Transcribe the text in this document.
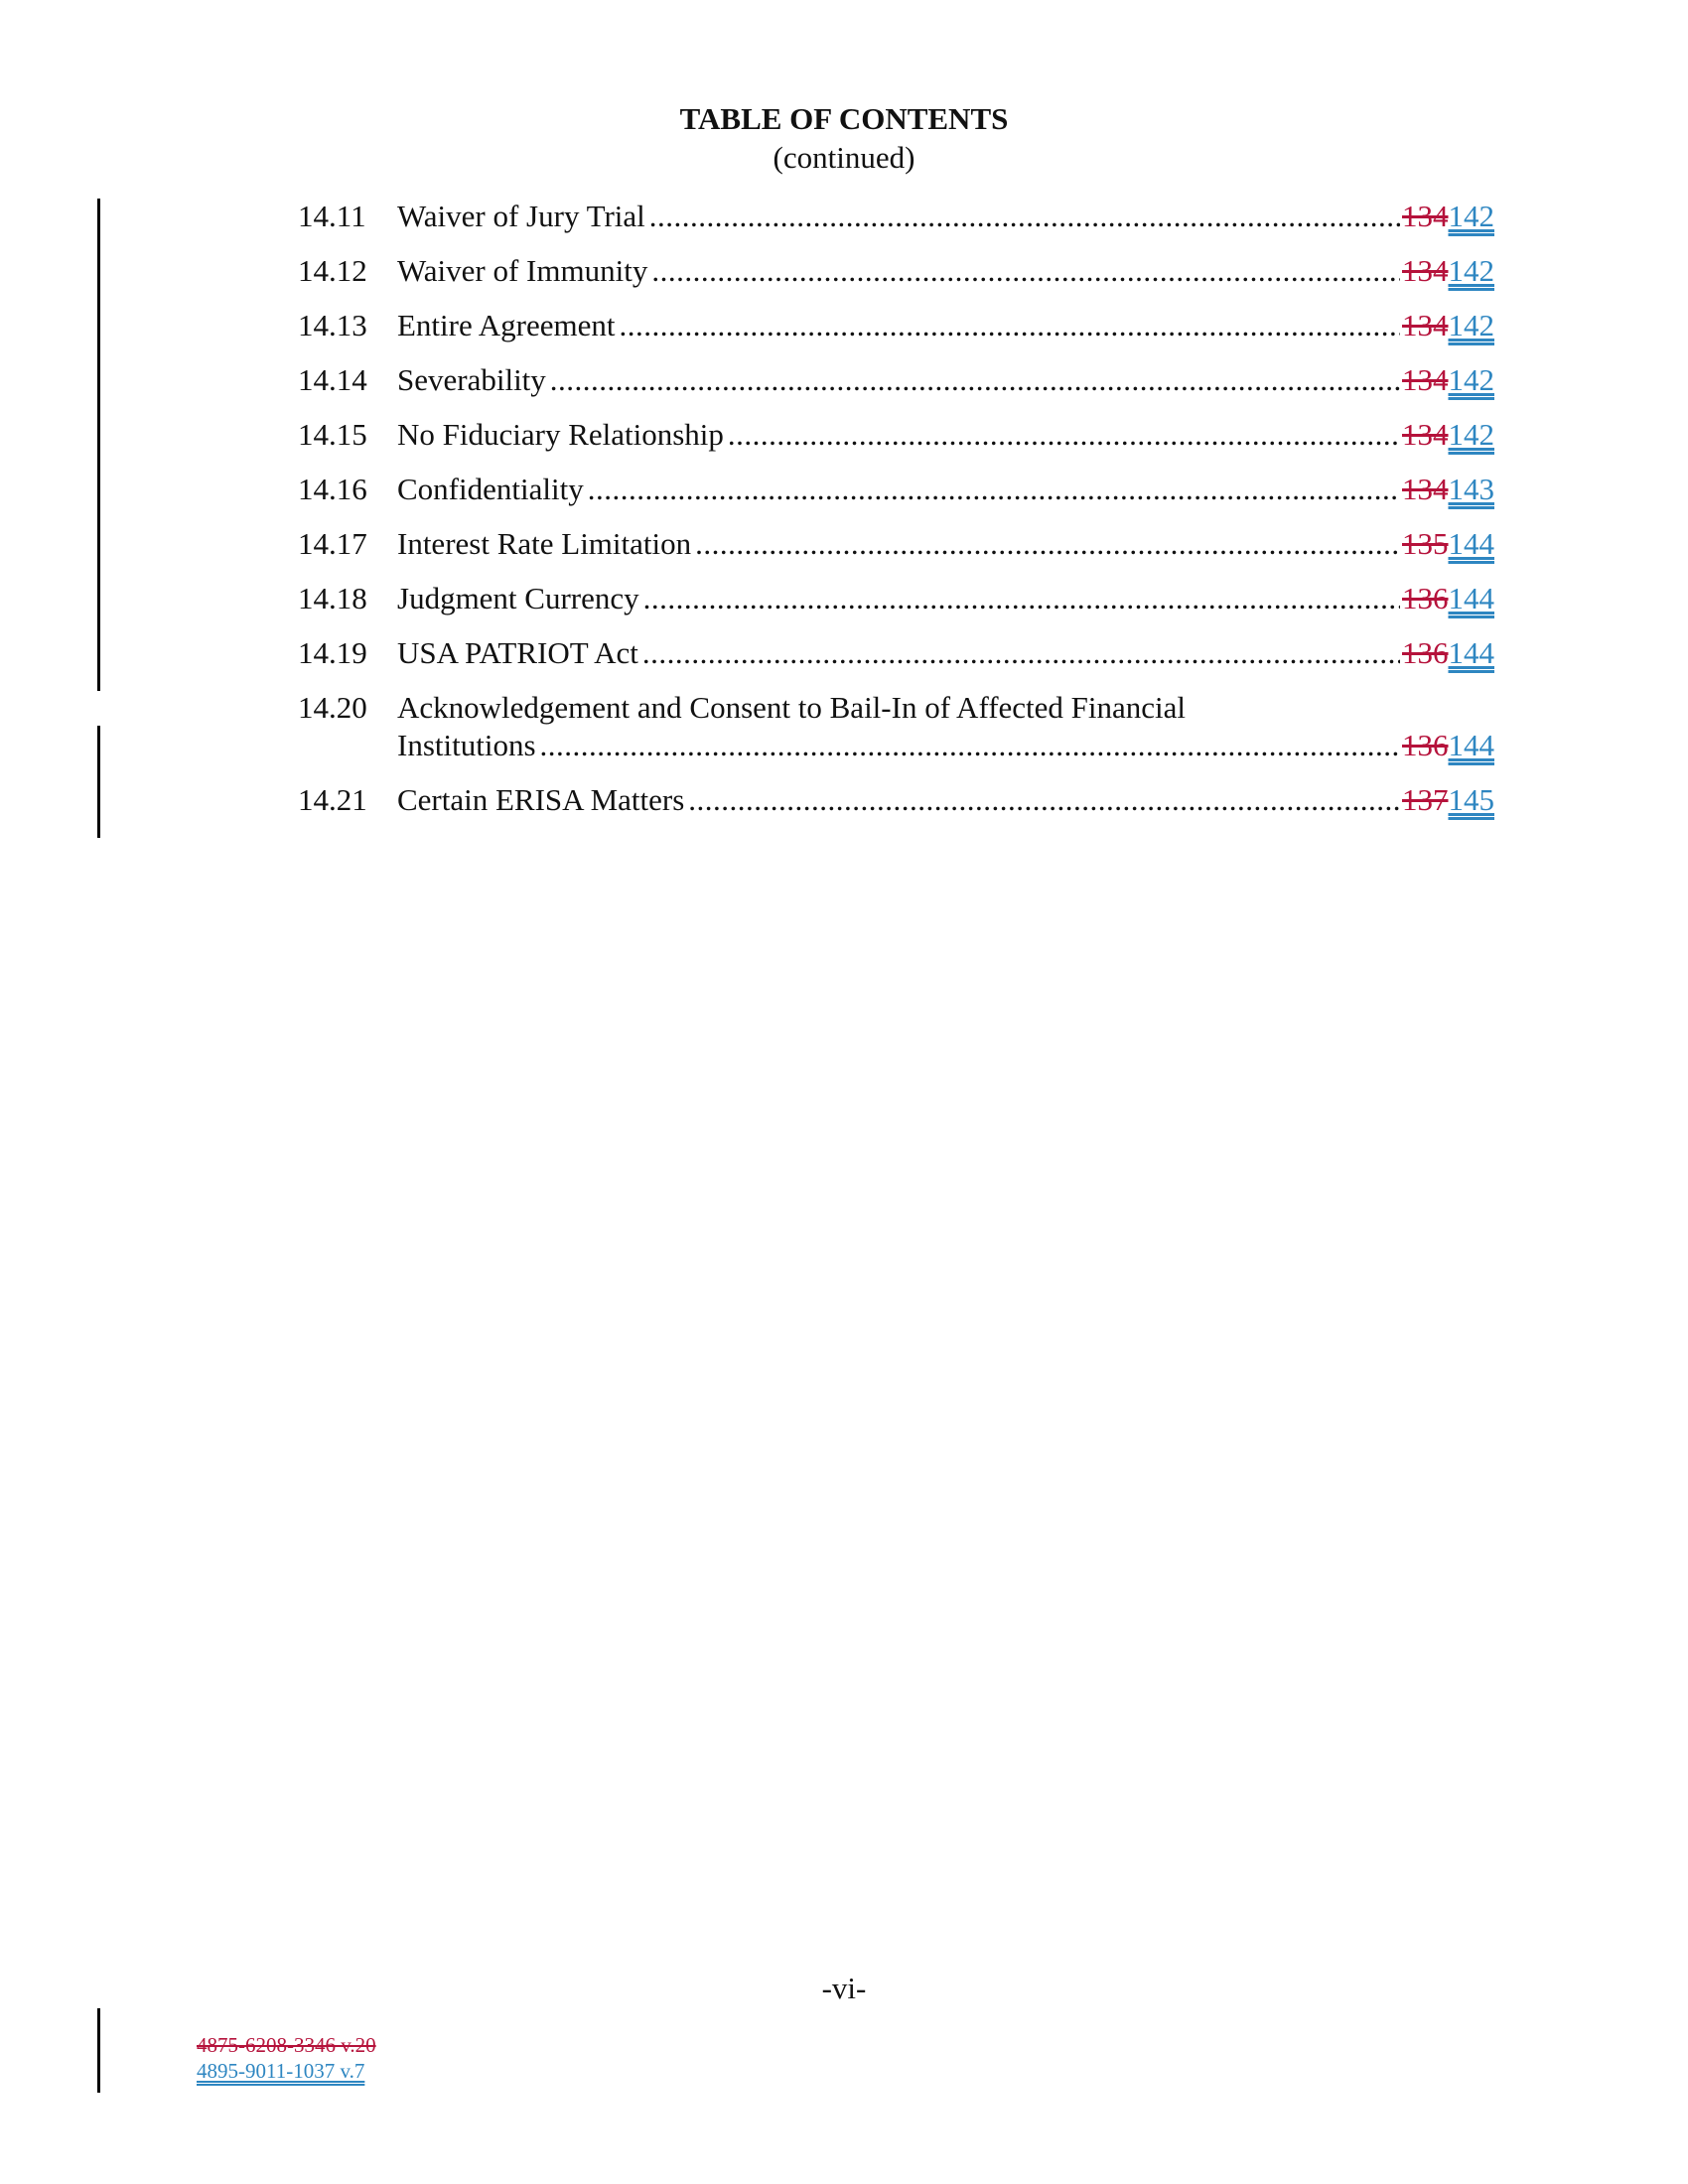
TABLE OF CONTENTS
(continued)
14.11 Waiver of Jury Trial .....	134 142
14.12 Waiver of Immunity .....	134 142
14.13 Entire Agreement .....	134 142
14.14 Severability .....	134 142
14.15 No Fiduciary Relationship .....	134 142
14.16 Confidentiality .....	134 143
14.17 Interest Rate Limitation .....	135 144
14.18 Judgment Currency .....	136 144
14.19 USA PATRIOT Act .....	136 144
14.20 Acknowledgement and Consent to Bail-In of Affected Financial
Institutions .....	136 144
14.21 Certain ERISA Matters .....	137 145
-vi-
4875-6208-3346 v.20
4895-9011-1037 v.7
